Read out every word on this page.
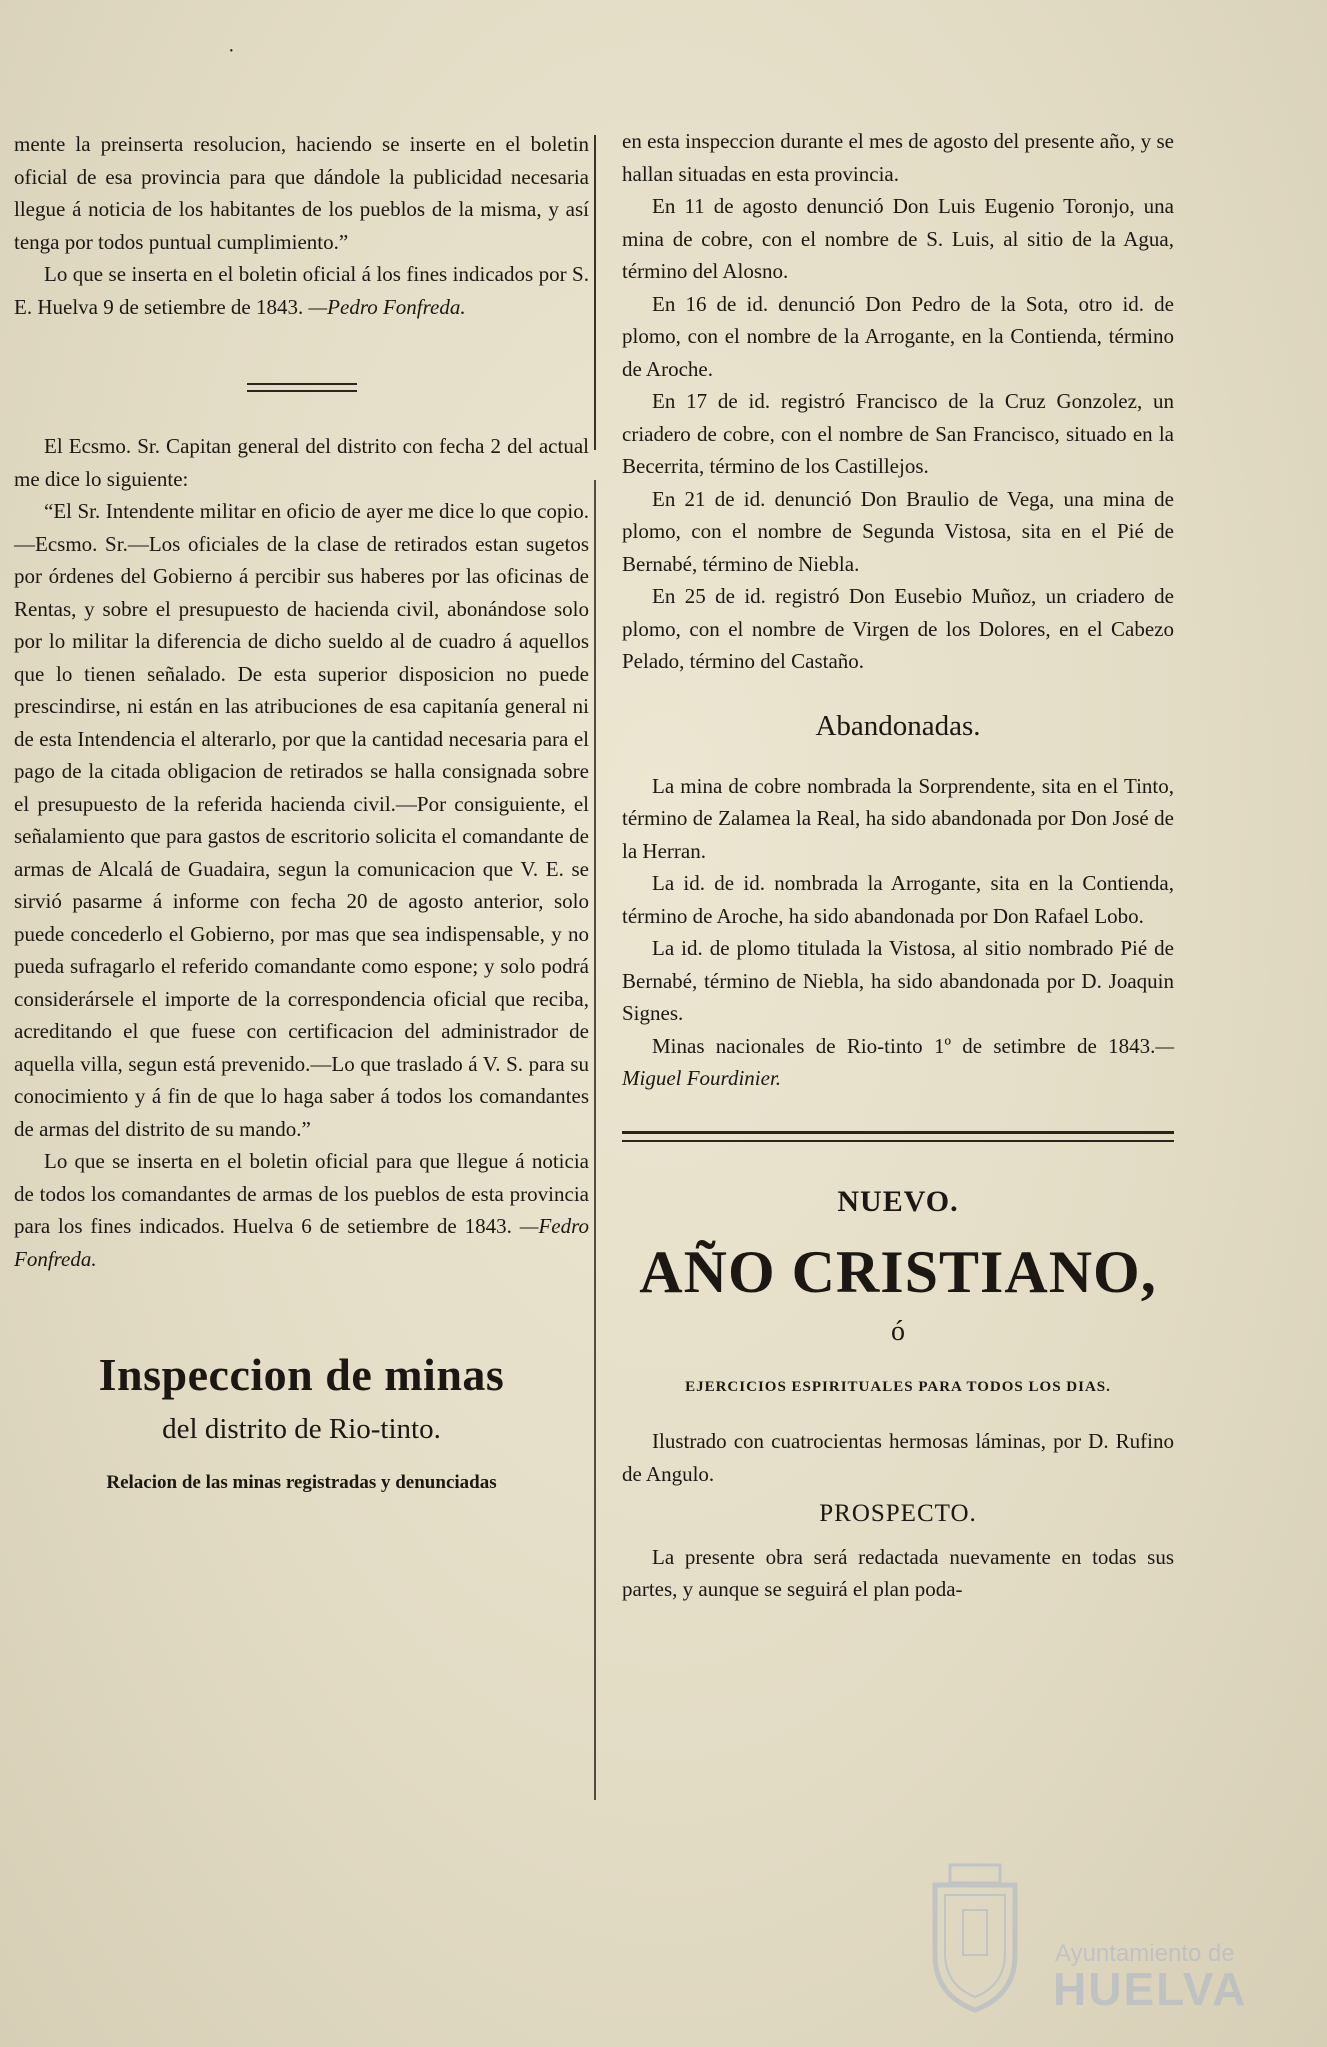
·

mente la preinserta resolucion, haciendo se inserte en el boletin oficial de esa provincia para que dándole la publicidad necesaria llegue á noticia de los habitantes de los pueblos de la misma, y así tenga por todos puntual cumplimiento.”

Lo que se inserta en el boletin oficial á los fines indicados por S. E. Huelva 9 de setiembre de 1843. —Pedro Fonfreda.

El Ecsmo. Sr. Capitan general del distrito con fecha 2 del actual me dice lo siguiente:

“El Sr. Intendente militar en oficio de ayer me dice lo que copio.—Ecsmo. Sr.—Los oficiales de la clase de retirados estan sugetos por órdenes del Gobierno á percibir sus haberes por las oficinas de Rentas, y sobre el presupuesto de hacienda civil, abonándose solo por lo militar la diferencia de dicho sueldo al de cuadro á aquellos que lo tienen señalado. De esta superior disposicion no puede prescindirse, ni están en las atribuciones de esa capitanía general ni de esta Intendencia el alterarlo, por que la cantidad necesaria para el pago de la citada obligacion de retirados se halla consignada sobre el presupuesto de la referida hacienda civil.—Por consiguiente, el señalamiento que para gastos de escritorio solicita el comandante de armas de Alcalá de Guadaira, segun la comunicacion que V. E. se sirvió pasarme á informe con fecha 20 de agosto anterior, solo puede concederlo el Gobierno, por mas que sea indispensable, y no pueda sufragarlo el referido comandante como espone; y solo podrá considerársele el importe de la correspondencia oficial que reciba, acreditando el que fuese con certificacion del administrador de aquella villa, segun está prevenido.—Lo que traslado á V. S. para su conocimiento y á fin de que lo haga saber á todos los comandantes de armas del distrito de su mando.”

Lo que se inserta en el boletin oficial para que llegue á noticia de todos los comandantes de armas de los pueblos de esta provincia para los fines indicados. Huelva 6 de setiembre de 1843. —Fedro Fonfreda.

Inspeccion de minas
del distrito de Rio-tinto.
Relacion de las minas registradas y denunciadas

en esta inspeccion durante el mes de agosto del presente año, y se hallan situadas en esta provincia.

En 11 de agosto denunció Don Luis Eugenio Toronjo, una mina de cobre, con el nombre de S. Luis, al sitio de la Agua, término del Alosno.

En 16 de id. denunció Don Pedro de la Sota, otro id. de plomo, con el nombre de la Arrogante, en la Contienda, término de Aroche.

En 17 de id. registró Francisco de la Cruz Gonzolez, un criadero de cobre, con el nombre de San Francisco, situado en la Becerrita, término de los Castillejos.

En 21 de id. denunció Don Braulio de Vega, una mina de plomo, con el nombre de Segunda Vistosa, sita en el Pié de Bernabé, término de Niebla.

En 25 de id. registró Don Eusebio Muñoz, un criadero de plomo, con el nombre de Virgen de los Dolores, en el Cabezo Pelado, término del Castaño.

Abandonadas.

La mina de cobre nombrada la Sorprendente, sita en el Tinto, término de Zalamea la Real, ha sido abandonada por Don José de la Herran.

La id. de id. nombrada la Arrogante, sita en la Contienda, término de Aroche, ha sido abandonada por Don Rafael Lobo.

La id. de plomo titulada la Vistosa, al sitio nombrado Pié de Bernabé, término de Niebla, ha sido abandonada por D. Joaquin Signes.

Minas nacionales de Rio-tinto 1º de setimbre de 1843.—Miguel Fourdinier.

NUEVO.
AÑO CRISTIANO,
ó
EJERCICIOS ESPIRITUALES PARA TODOS LOS DIAS.

Ilustrado con cuatrocientas hermosas láminas, por D. Rufino de Angulo.

PROSPECTO.

La presente obra será redactada nuevamente en todas sus partes, y aunque se seguirá el plan poda-

Ayuntamiento de
HUELVA
